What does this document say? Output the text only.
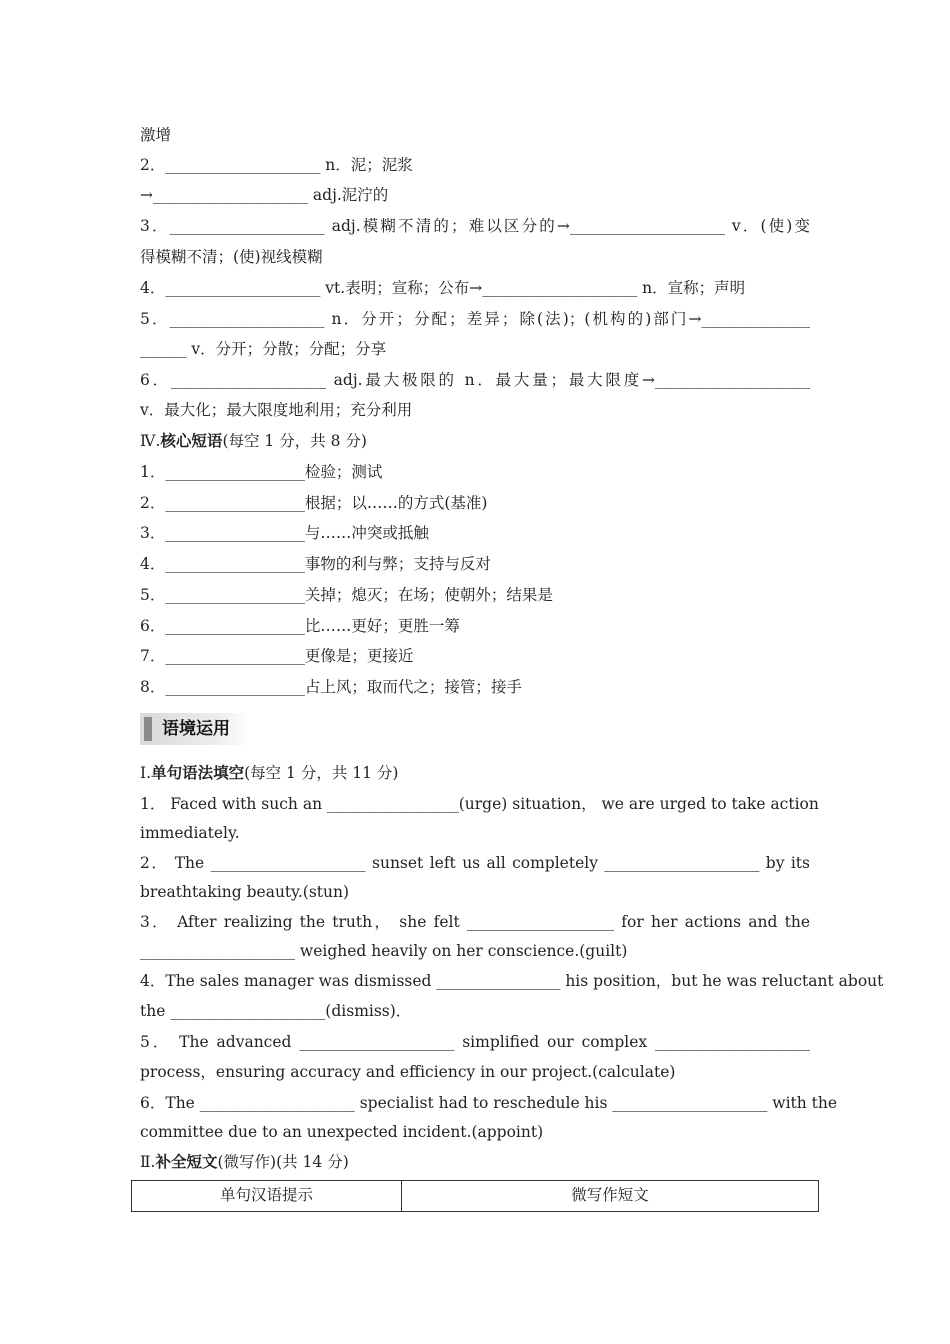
激增
2．____________________ n．泥；泥浆
→____________________ adj.泥泞的
3．____________________ adj.模糊不清的；难以区分的→____________________ v．(使)变
得模糊不清；(使)视线模糊
4．____________________ vt.表明；宣称；公布→____________________ n．宣称；声明
5．____________________ n．分开；分配；差异；除(法)；(机构的)部门→______________
______ v．分开；分散；分配；分享
6．____________________ adj.最大极限的 n．最大量；最大限度→____________________
v．最大化；最大限度地利用；充分利用
Ⅳ.核心短语(每空 1 分，共 8 分)
1．__________________检验；测试
2．__________________根据；以……的方式(基准)
3．__________________与……冲突或抵触
4．__________________事物的利与弊；支持与反对
5．__________________关掉；熄灭；在场；使朝外；结果是
6．__________________比……更好；更胜一筹
7．__________________更像是；更接近
8．__________________占上风；取而代之；接管；接手
Ⅰ.单句语法填空(每空 1 分，共 11 分)
1． Faced with such an _________________(urge) situation， we are urged to take action
immediately.
2． The ____________________ sunset left us all completely ____________________ by its
breathtaking beauty.(stun)
3． After realizing the truth， she felt ___________________ for her actions and the
____________________ weighed heavily on her conscience.(guilt)
4．The sales manager was dismissed ________________ his position，but he was reluctant about
the ____________________(dismiss)．
5． The advanced ____________________ simplified our complex ____________________
process，ensuring accuracy and efficiency in our project.(calculate)
6．The ____________________ specialist had to reschedule his ____________________ with the
committee due to an unexpected incident.(appoint)
Ⅱ.补全短文(微写作)(共 14 分)
语境运用
单句汉语提示	微写作短文
